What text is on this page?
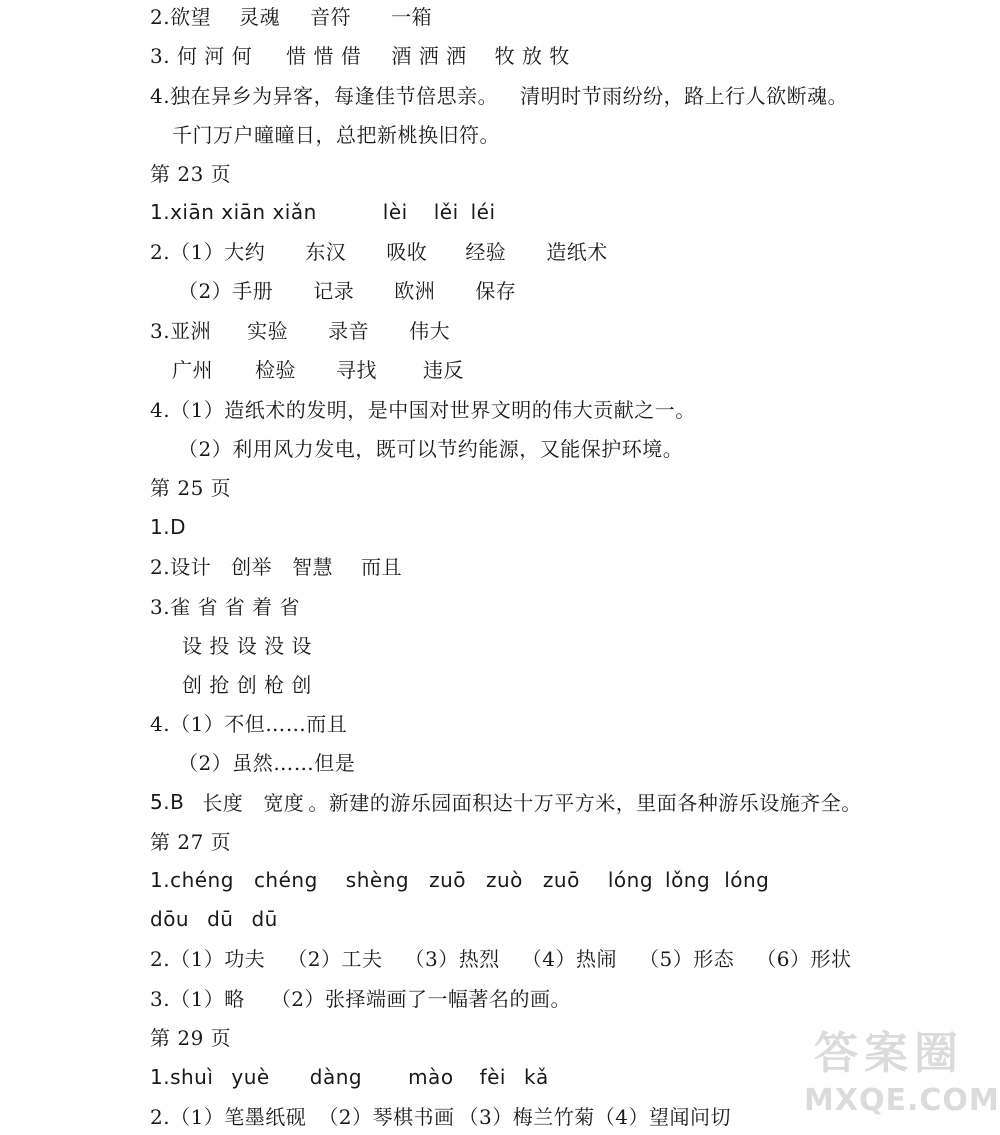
2.欲望 灵魂 音符 一箱
3. 何 河 何 惜 惜 借 酒 洒 洒 牧 放 牧
4.独在异乡为异客，每逢佳节倍思亲。 清明时节雨纷纷，路上行人欲断魂。
千门万户曈曈日，总把新桃换旧符。
第 23 页
1.xiān xiān xiǎn	lèi lěi léi
2.（1）大约 东汉 吸收 经验 造纸术
（2）手册 记录 欧洲 保存
3.亚洲 实验 录音 伟大
广州 检验 寻找 违反
4.（1）造纸术的发明，是中国对世界文明的伟大贡献之一。
（2）利用风力发电，既可以节约能源，又能保护环境。
第 25 页
1.D
2.设计 创举 智慧 而且
3.雀 省 省 着 省
设 投 设 没 设
创 抢 创 枪 创
4.（1）不但……而且
（2）虽然……但是
5.B 长度 宽度 。新建的游乐园面积达十万平方米，里面各种游乐设施齐全。
第 27 页
1.chéng chéng shèng zuō zuò zuō lóng lǒng lóng
dōu dū dū
2.（1）功夫 （2）工夫 （3）热烈 （4）热闹 （5）形态 （6）形状
3.（1）略 （2）张择端画了一幅著名的画。
第 29 页
1.shuì yuè dàng mào fèi kǎ
2.（1）笔墨纸砚 （2）琴棋书画 （3）梅兰竹菊 （4）望闻问切
答案圈
MXQE.COM
